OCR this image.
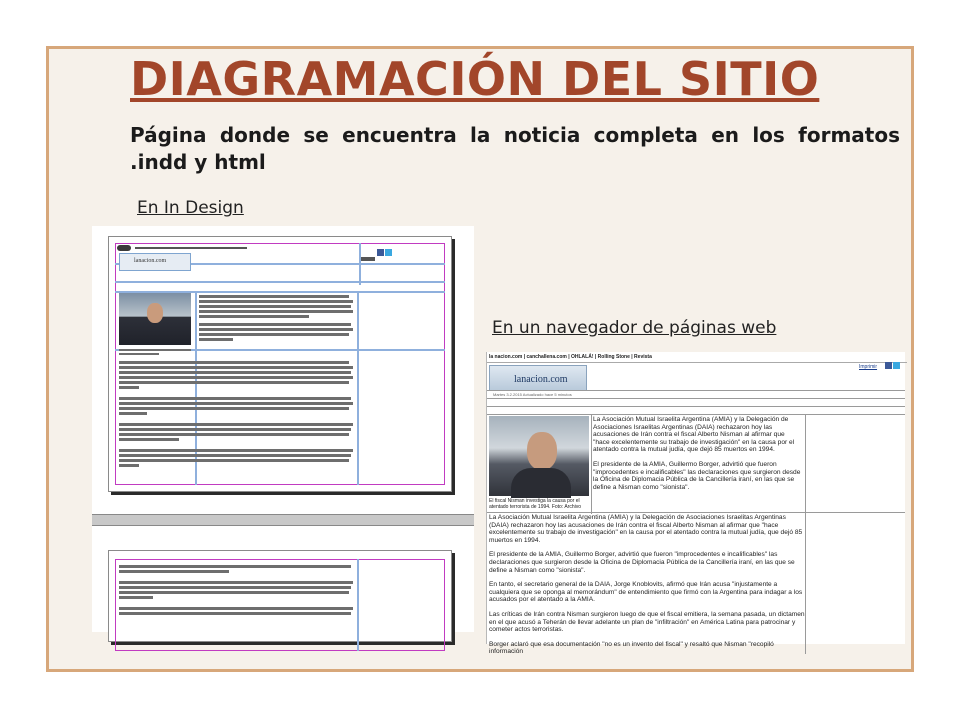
DIAGRAMACIÓN DEL SITIO
Página donde se encuentra la noticia completa en los formatos .indd y html
En In Design
En un navegador de páginas web
lanacion.com
la nacion.com | canchallena.com | OHLALÁ! | Rolling Stone | Revista
lanacion.com
Imprimir
Martes 3.2.2015 Actualizado hace 5 minutos
El fiscal Nisman investiga la causa por el atentado terrorista de 1994. Foto: Archivo

La Asociación Mutual Israelita Argentina (AMIA) y la Delegación de Asociaciones Israelitas Argentinas (DAIA) rechazaron hoy las acusaciones de Irán contra el fiscal Alberto Nisman al afirmar que "hace excelentemente su trabajo de investigación" en la causa por el atentado contra la mutual judía, que dejó 85 muertos en 1994.

El presidente de la AMIA, Guillermo Borger, advirtió que fueron "improcedentes e incalificables" las declaraciones que surgieron desde la Oficina de Diplomacia Pública de la Cancillería iraní, en las que se define a Nisman como "sionista".

La Asociación Mutual Israelita Argentina (AMIA) y la Delegación de Asociaciones Israelitas Argentinas (DAIA) rechazaron hoy las acusaciones de Irán contra el fiscal Alberto Nisman al afirmar que "hace excelentemente su trabajo de investigación" en la causa por el atentado contra la mutual judía, que dejó 85 muertos en 1994.

El presidente de la AMIA, Guillermo Borger, advirtió que fueron "improcedentes e incalificables" las declaraciones que surgieron desde la Oficina de Diplomacia Pública de la Cancillería iraní, en las que se define a Nisman como "sionista".

En tanto, el secretario general de la DAIA, Jorge Knoblovits, afirmó que Irán acusa "injustamente a cualquiera que se oponga al memorándum" de entendimiento que firmó con la Argentina para indagar a los acusados por el atentado a la AMIA.

Las críticas de Irán contra Nisman surgieron luego de que el fiscal emitiera, la semana pasada, un dictamen en el que acusó a Teherán de llevar adelante un plan de "infiltración" en América Latina para patrocinar y cometer actos terroristas.

Borger aclaró que esa documentación "no es un invento del fiscal" y resaltó que Nisman "recopiló información
